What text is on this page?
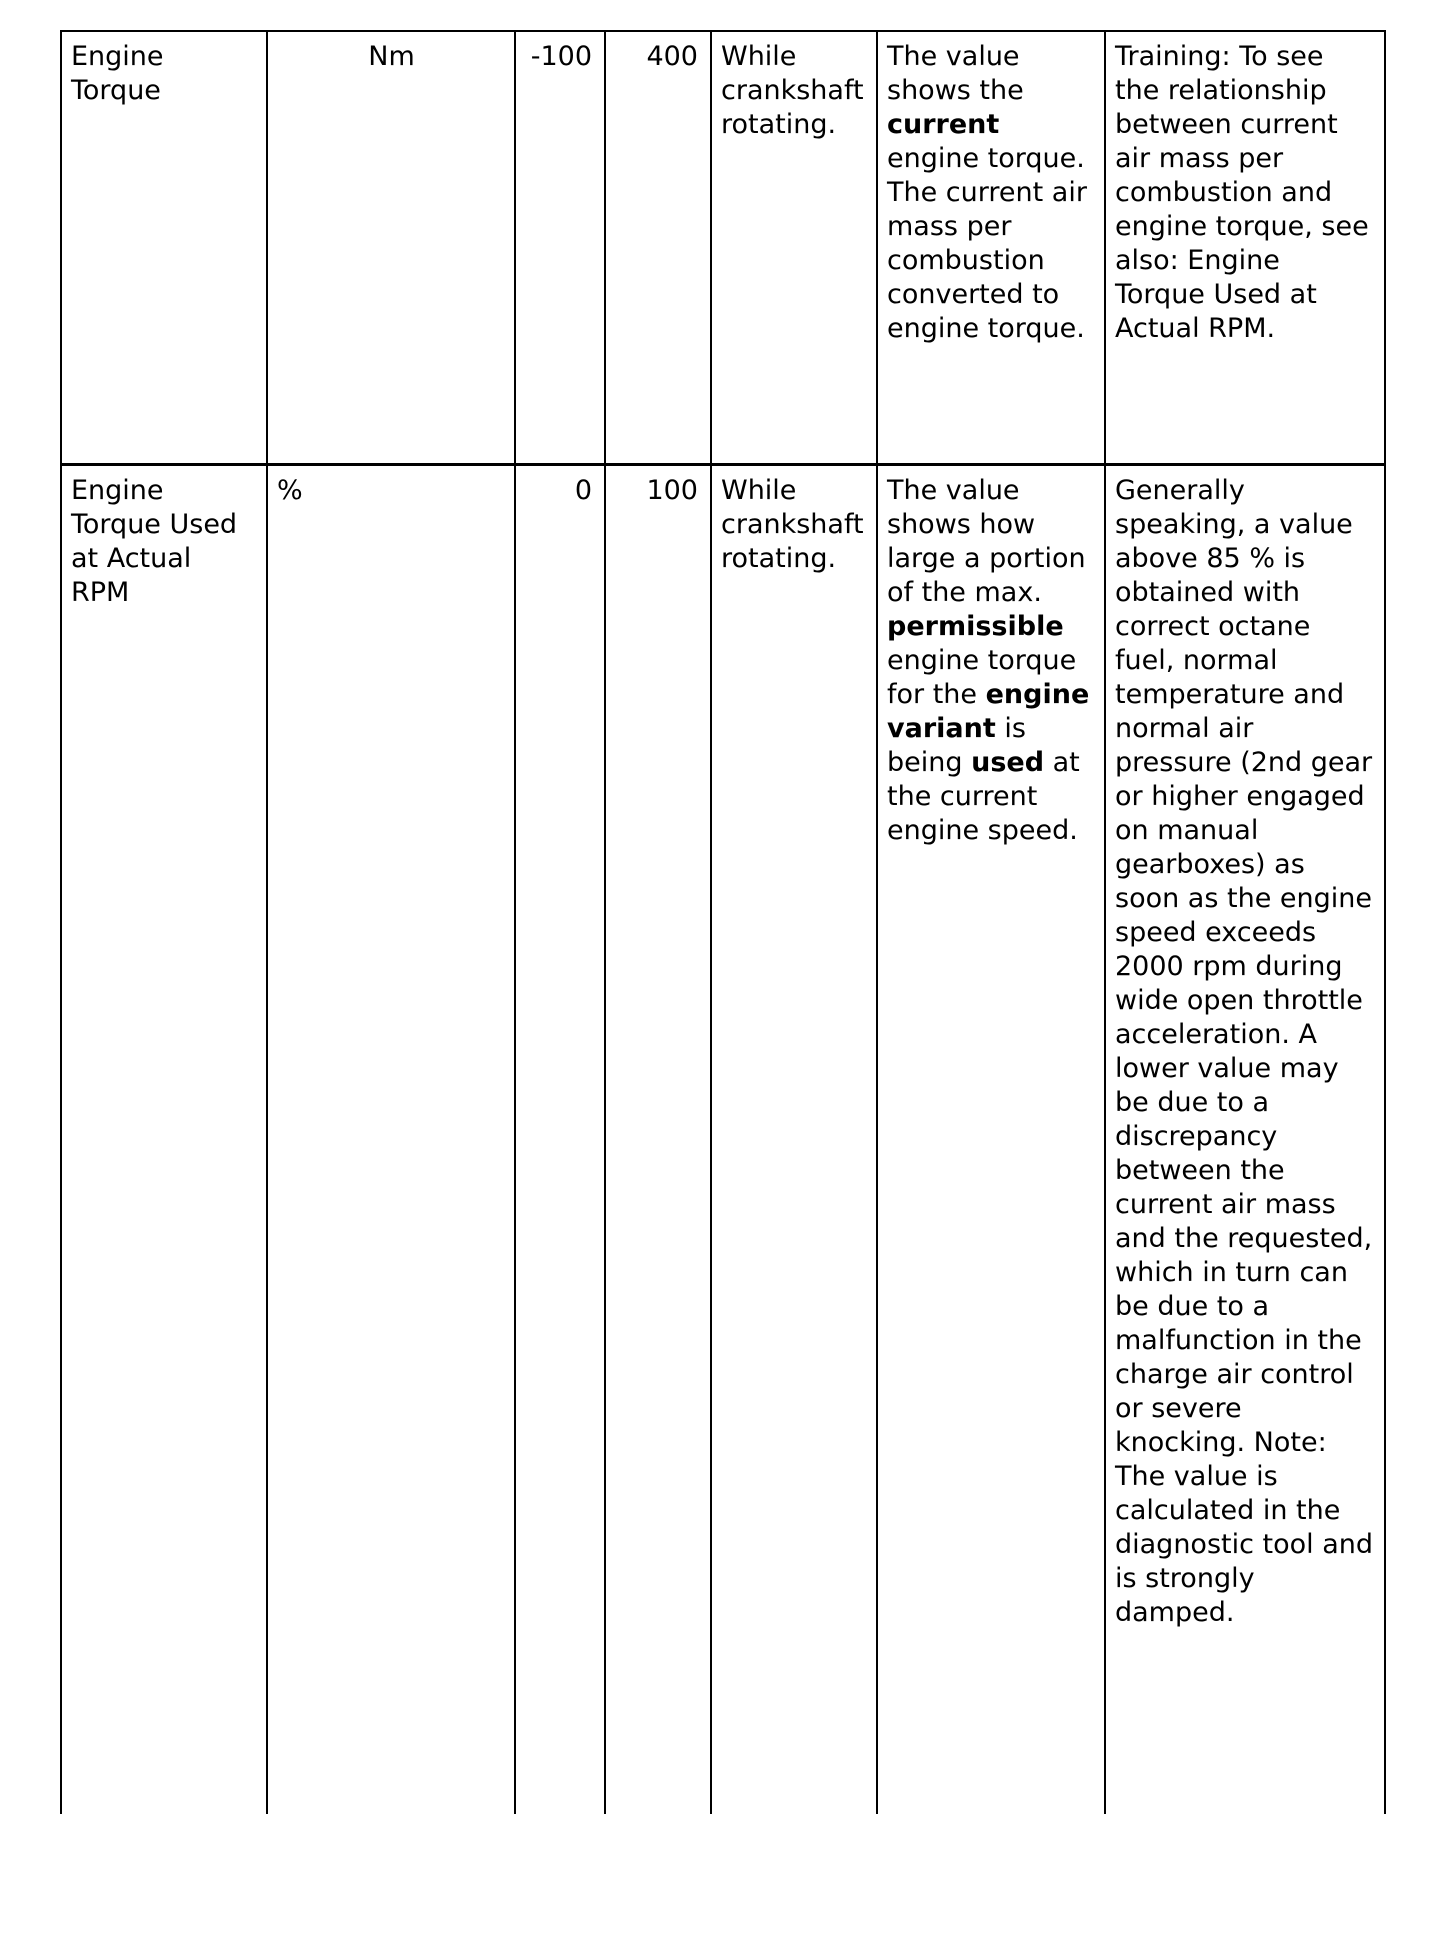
Engine Torque	Nm	-100	400	While crankshaft rotating.	The value shows the current engine torque. The current air mass per combustion converted to engine torque.	Training: To see the relationship between current air mass per combustion and engine torque, see also: Engine Torque Used at Actual RPM.
Engine Torque Used at Actual RPM	%	0	100	While crankshaft rotating.	The value shows how large a portion of the max. permissible engine torque for the engine variant is being used at the current engine speed.	Generally speaking, a value above 85 % is obtained with correct octane fuel, normal temperature and normal air pressure (2nd gear or higher engaged on manual gearboxes) as soon as the engine speed exceeds 2000 rpm during wide open throttle acceleration. A lower value may be due to a discrepancy between the current air mass and the requested, which in turn can be due to a malfunction in the charge air control or severe knocking. Note: The value is calculated in the diagnostic tool and is strongly damped.
